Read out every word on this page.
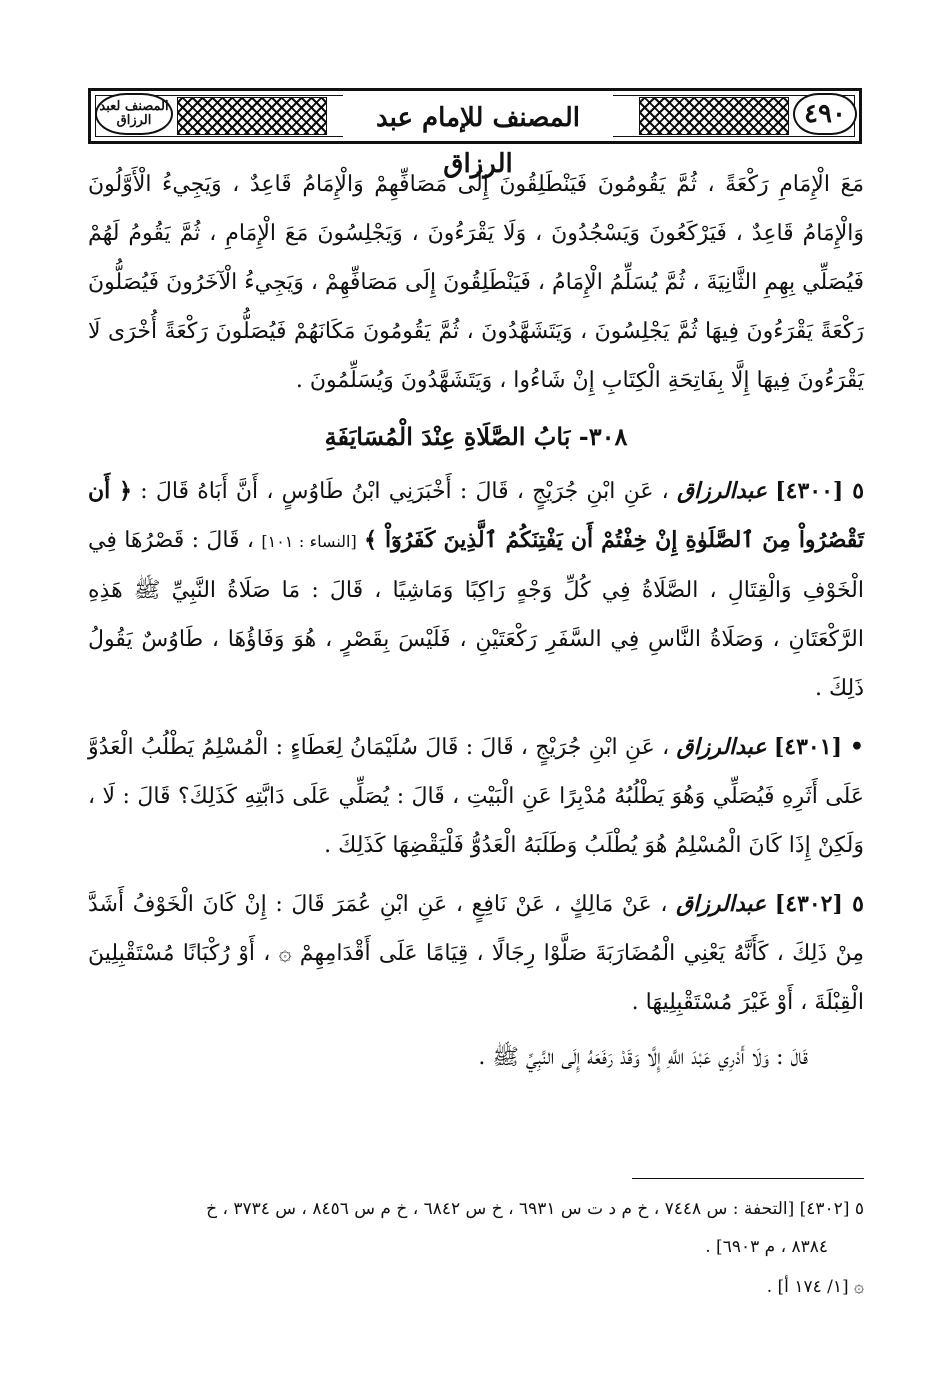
المصنف لعبد الرزاق	المصنف للإمام عبد الرزاق
٤٩٠

مَعَ الْإِمَامِ رَكْعَةً ، ثُمَّ يَقُومُونَ فَيَنْطَلِقُونَ إِلَى مَصَافِّهِمْ وَالْإِمَامُ قَاعِدٌ ، وَيَجِيءُ الْأَوَّلُونَ وَالْإِمَامُ قَاعِدٌ ، فَيَرْكَعُونَ وَيَسْجُدُونَ ، وَلَا يَقْرَءُونَ ، وَيَجْلِسُونَ مَعَ الْإِمَامِ ، ثُمَّ يَقُومُ لَهُمْ فَيُصَلِّي بِهِمِ الثَّانِيَةَ ، ثُمَّ يُسَلِّمُ الْإِمَامُ ، فَيَنْطَلِقُونَ إِلَى مَصَافِّهِمْ ، وَيَجِيءُ الْآخَرُونَ فَيُصَلُّونَ رَكْعَةً يَقْرَءُونَ فِيهَا ثُمَّ يَجْلِسُونَ ، وَيَتَشَهَّدُونَ ، ثُمَّ يَقُومُونَ مَكَانَهُمْ فَيُصَلُّونَ رَكْعَةً أُخْرَى لَا يَقْرَءُونَ فِيهَا إِلَّا بِفَاتِحَةِ الْكِتَابِ إِنْ شَاءُوا ، وَيَتَشَهَّدُونَ وَيُسَلِّمُونَ .

٣٠٨- بَابُ الصَّلَاةِ عِنْدَ الْمُسَايَفَةِ

٥ [٤٣٠٠] عبدالرزاق ، عَنِ ابْنِ جُرَيْجٍ ، قَالَ : أَخْبَرَنِي ابْنُ طَاوُسٍ ، أَنَّ أَبَاهُ قَالَ : ﴿ أَن تَقْصُرُواْ مِنَ ٱلصَّلَوٰةِ إِنْ خِفْتُمْ أَن يَفْتِنَكُمُ ٱلَّذِينَ كَفَرُوٓاْ ﴾ [النساء : ١٠١] ، قَالَ : قَصْرُهَا فِي الْخَوْفِ وَالْقِتَالِ ، الصَّلَاةُ فِي كُلِّ وَجْهٍ رَاكِبًا وَمَاشِيًا ، قَالَ : مَا صَلَاةُ النَّبِيِّ ﷺ هَذِهِ الرَّكْعَتَانِ ، وَصَلَاةُ النَّاسِ فِي السَّفَرِ رَكْعَتَيْنِ ، فَلَيْسَ بِقَصْرٍ ، هُوَ وَفَاؤُهَا ، طَاوُسٌ يَقُولُ ذَلِكَ .

• [٤٣٠١] عبدالرزاق ، عَنِ ابْنِ جُرَيْجٍ ، قَالَ : قَالَ سُلَيْمَانُ لِعَطَاءٍ : الْمُسْلِمُ يَطْلُبُ الْعَدُوَّ عَلَى أَثَرِهِ فَيُصَلِّي وَهُوَ يَطْلُبُهُ مُدْبِرًا عَنِ الْبَيْتِ ، قَالَ : يُصَلِّي عَلَى دَابَّتِهِ كَذَلِكَ؟ قَالَ : لَا ، وَلَكِنْ إِذَا كَانَ الْمُسْلِمُ هُوَ يُطْلَبُ وَطَلَبَهُ الْعَدُوُّ فَلْيَقْضِهَا كَذَلِكَ .

٥ [٤٣٠٢] عبدالرزاق ، عَنْ مَالِكٍ ، عَنْ نَافِعٍ ، عَنِ ابْنِ عُمَرَ قَالَ : إِنْ كَانَ الْخَوْفُ أَشَدَّ مِنْ ذَلِكَ ، كَأَنَّهُ يَعْنِي الْمُضَارَبَةَ صَلَّوْا رِجَالًا ، قِيَامًا عَلَى أَقْدَامِهِمْ ۞ ، أَوْ رُكْبَانًا مُسْتَقْبِلِينَ الْقِبْلَةَ ، أَوْ غَيْرَ مُسْتَقْبِلِيهَا .

قَالَ : وَلَا أَدْرِي عَبْدَ اللَّهِ إِلَّا وَقَدْ رَفَعَهُ إِلَى النَّبِيِّ ﷺ .

٥ [٤٣٠٢] [التحفة : س ٧٤٤٨ ، خ م د ت س ٦٩٣١ ، خ س ٦٨٤٢ ، خ م س ٨٤٥٦ ، س ٣٧٣٤ ، خ
٨٣٨٤ ، م ٦٩٠٣] .
۞ [١/ ١٧٤ أ] .
